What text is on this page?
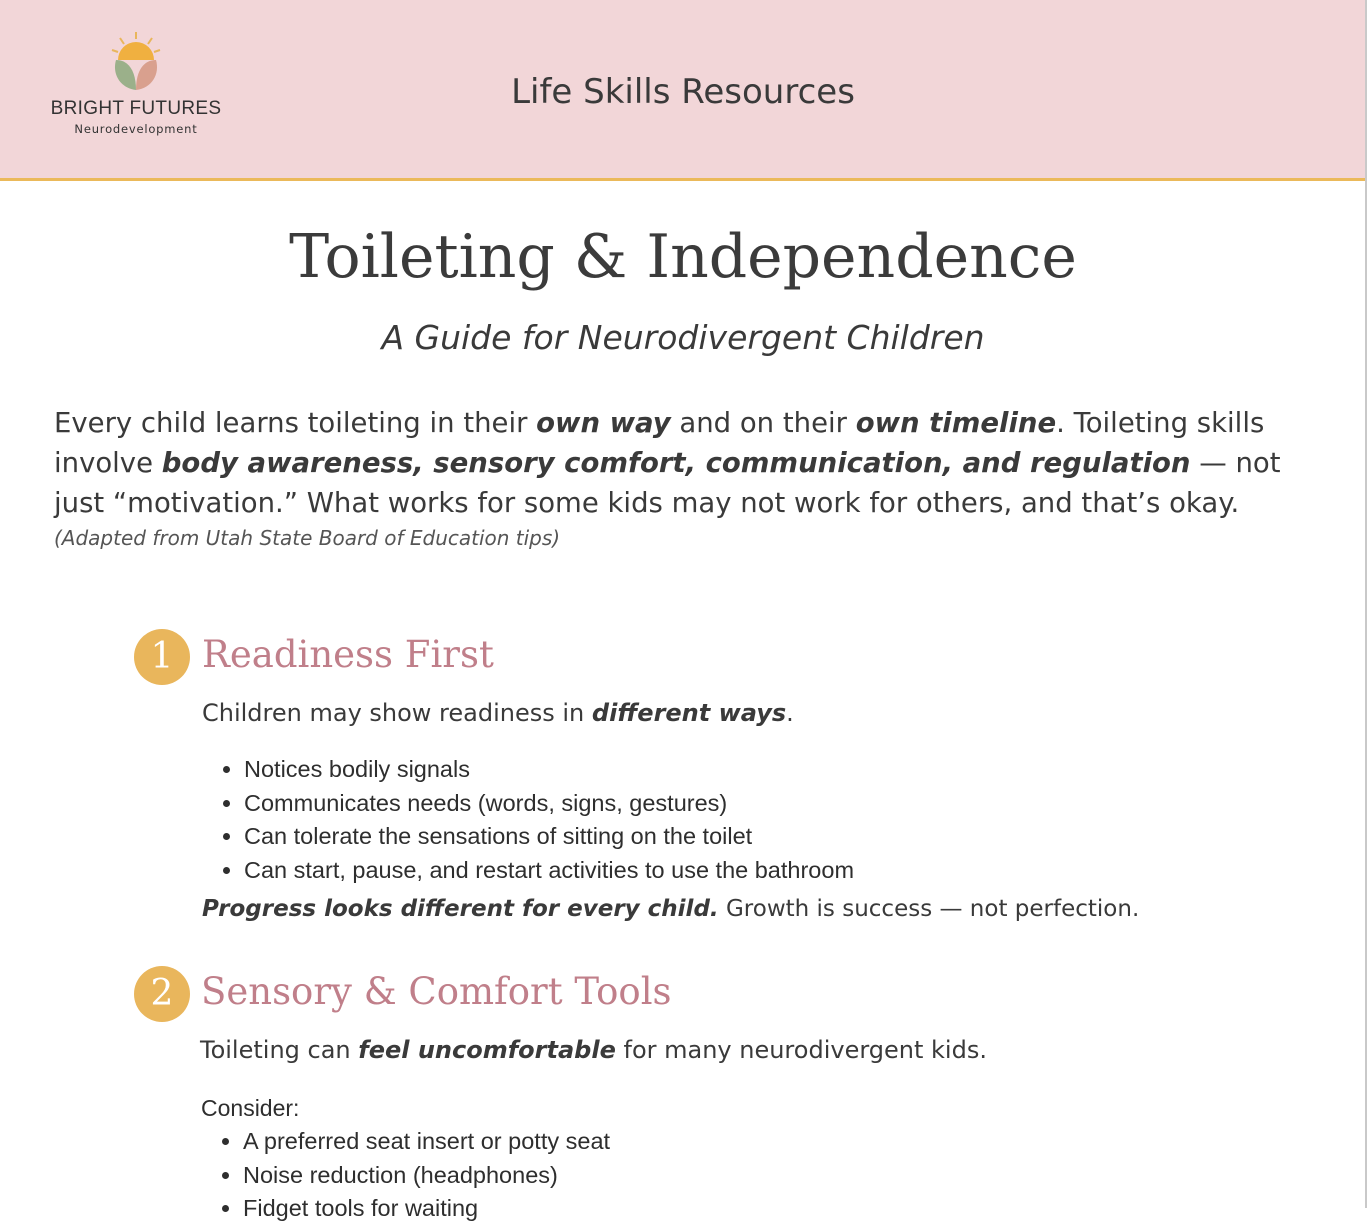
BRIGHT FUTURES
Neurodevelopment
Life Skills Resources
Toileting & Independence
A Guide for Neurodivergent Children
Every child learns toileting in their own way and on their own timeline. Toileting skills involve body awareness, sensory comfort, communication, and regulation — not just “motivation.” What works for some kids may not work for others, and that’s okay.
(Adapted from Utah State Board of Education tips)
1 Readiness First
Children may show readiness in different ways.
• Notices bodily signals
• Communicates needs (words, signs, gestures)
• Can tolerate the sensations of sitting on the toilet
• Can start, pause, and restart activities to use the bathroom
Progress looks different for every child. Growth is success — not perfection.
2 Sensory & Comfort Tools
Toileting can feel uncomfortable for many neurodivergent kids.
Consider:
• A preferred seat insert or potty seat
• Noise reduction (headphones)
• Fidget tools for waiting
